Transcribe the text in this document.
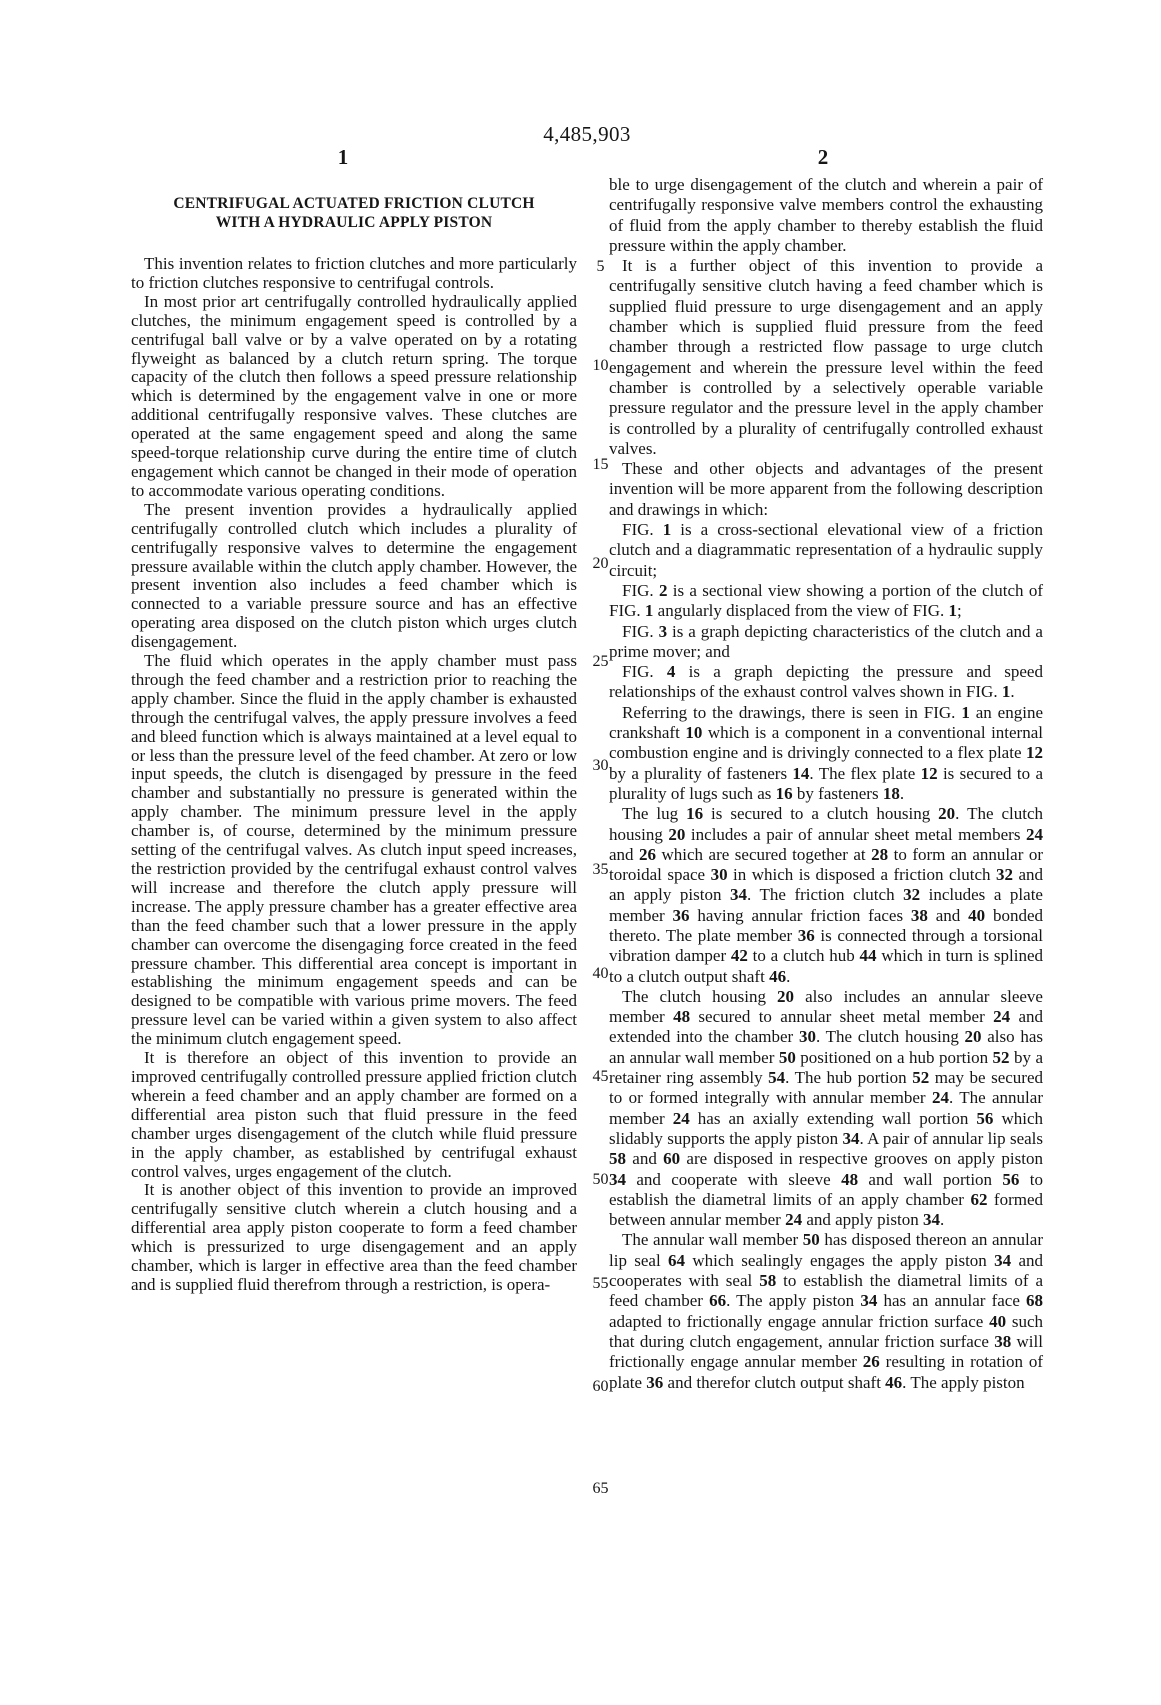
4,485,903
1	2
5
10
15
20
25
30
35
40
45
50
55
60
65
CENTRIFUGAL ACTUATED FRICTION CLUTCH
WITH A HYDRAULIC APPLY PISTON

This invention relates to friction clutches and more particularly to friction clutches responsive to centrifugal controls.

In most prior art centrifugally controlled hydraulically applied clutches, the minimum engagement speed is controlled by a centrifugal ball valve or by a valve operated on by a rotating flyweight as balanced by a clutch return spring. The torque capacity of the clutch then follows a speed pressure relationship which is determined by the engagement valve in one or more additional centrifugally responsive valves. These clutches are operated at the same engagement speed and along the same speed-torque relationship curve during the entire time of clutch engagement which cannot be changed in their mode of operation to accommodate various operating conditions.

The present invention provides a hydraulically applied centrifugally controlled clutch which includes a plurality of centrifugally responsive valves to determine the engagement pressure available within the clutch apply chamber. However, the present invention also includes a feed chamber which is connected to a variable pressure source and has an effective operating area disposed on the clutch piston which urges clutch disengagement.

The fluid which operates in the apply chamber must pass through the feed chamber and a restriction prior to reaching the apply chamber. Since the fluid in the apply chamber is exhausted through the centrifugal valves, the apply pressure involves a feed and bleed function which is always maintained at a level equal to or less than the pressure level of the feed chamber. At zero or low input speeds, the clutch is disengaged by pressure in the feed chamber and substantially no pressure is generated within the apply chamber. The minimum pressure level in the apply chamber is, of course, determined by the minimum pressure setting of the centrifugal valves. As clutch input speed increases, the restriction provided by the centrifugal exhaust control valves will increase and therefore the clutch apply pressure will increase. The apply pressure chamber has a greater effective area than the feed chamber such that a lower pressure in the apply chamber can overcome the disengaging force created in the feed pressure chamber. This differential area concept is important in establishing the minimum engagement speeds and can be designed to be compatible with various prime movers. The feed pressure level can be varied within a given system to also affect the minimum clutch engagement speed.

It is therefore an object of this invention to provide an improved centrifugally controlled pressure applied friction clutch wherein a feed chamber and an apply chamber are formed on a differential area piston such that fluid pressure in the feed chamber urges disengagement of the clutch while fluid pressure in the apply chamber, as established by centrifugal exhaust control valves, urges engagement of the clutch.

It is another object of this invention to provide an improved centrifugally sensitive clutch wherein a clutch housing and a differential area apply piston cooperate to form a feed chamber which is pressurized to urge disengagement and an apply chamber, which is larger in effective area than the feed chamber and is supplied fluid therefrom through a restriction, is opera-

ble to urge disengagement of the clutch and wherein a pair of centrifugally responsive valve members control the exhausting of fluid from the apply chamber to thereby establish the fluid pressure within the apply chamber.

It is a further object of this invention to provide a centrifugally sensitive clutch having a feed chamber which is supplied fluid pressure to urge disengagement and an apply chamber which is supplied fluid pressure from the feed chamber through a restricted flow passage to urge clutch engagement and wherein the pressure level within the feed chamber is controlled by a selectively operable variable pressure regulator and the pressure level in the apply chamber is controlled by a plurality of centrifugally controlled exhaust valves.

These and other objects and advantages of the present invention will be more apparent from the following description and drawings in which:

FIG. 1 is a cross-sectional elevational view of a friction clutch and a diagrammatic representation of a hydraulic supply circuit;

FIG. 2 is a sectional view showing a portion of the clutch of FIG. 1 angularly displaced from the view of FIG. 1;

FIG. 3 is a graph depicting characteristics of the clutch and a prime mover; and

FIG. 4 is a graph depicting the pressure and speed relationships of the exhaust control valves shown in FIG. 1.

Referring to the drawings, there is seen in FIG. 1 an engine crankshaft 10 which is a component in a conventional internal combustion engine and is drivingly connected to a flex plate 12 by a plurality of fasteners 14. The flex plate 12 is secured to a plurality of lugs such as 16 by fasteners 18.

The lug 16 is secured to a clutch housing 20. The clutch housing 20 includes a pair of annular sheet metal members 24 and 26 which are secured together at 28 to form an annular or toroidal space 30 in which is disposed a friction clutch 32 and an apply piston 34. The friction clutch 32 includes a plate member 36 having annular friction faces 38 and 40 bonded thereto. The plate member 36 is connected through a torsional vibration damper 42 to a clutch hub 44 which in turn is splined to a clutch output shaft 46.

The clutch housing 20 also includes an annular sleeve member 48 secured to annular sheet metal member 24 and extended into the chamber 30. The clutch housing 20 also has an annular wall member 50 positioned on a hub portion 52 by a retainer ring assembly 54. The hub portion 52 may be secured to or formed integrally with annular member 24. The annular member 24 has an axially extending wall portion 56 which slidably supports the apply piston 34. A pair of annular lip seals 58 and 60 are disposed in respective grooves on apply piston 34 and cooperate with sleeve 48 and wall portion 56 to establish the diametral limits of an apply chamber 62 formed between annular member 24 and apply piston 34.

The annular wall member 50 has disposed thereon an annular lip seal 64 which sealingly engages the apply piston 34 and cooperates with seal 58 to establish the diametral limits of a feed chamber 66. The apply piston 34 has an annular face 68 adapted to frictionally engage annular friction surface 40 such that during clutch engagement, annular friction surface 38 will frictionally engage annular member 26 resulting in rotation of plate 36 and therefor clutch output shaft 46. The apply piston
